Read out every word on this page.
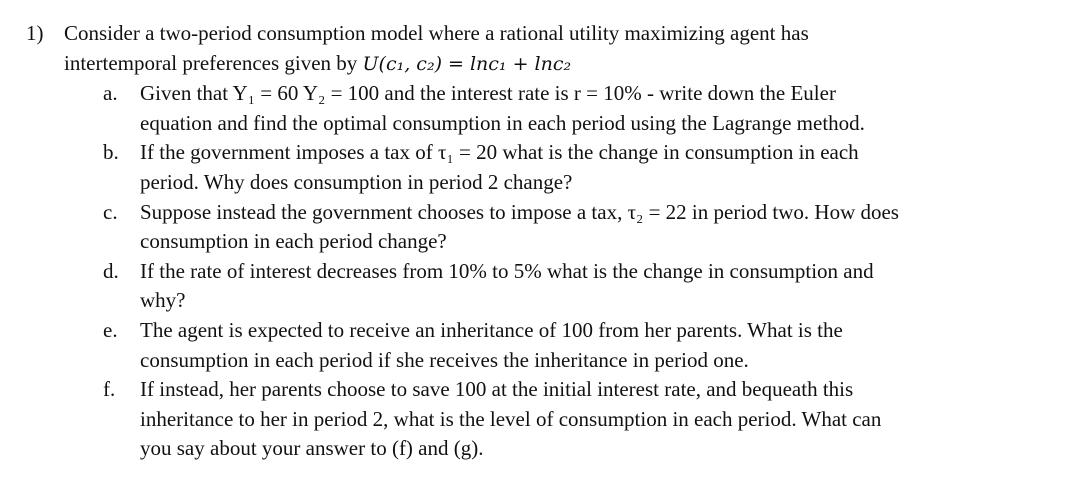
1) Consider a two-period consumption model where a rational utility maximizing agent has
intertemporal preferences given by U(c₁, c₂) = lnc₁ + lnc₂
a.	Given that Y₁ = 60 Y₂ = 100 and the interest rate is r = 10% - write down the Euler
equation and find the optimal consumption in each period using the Lagrange method.
b.	If the government imposes a tax of τ₁ = 20 what is the change in consumption in each
period. Why does consumption in period 2 change?
c.	Suppose instead the government chooses to impose a tax, τ₂ = 22 in period two. How does
consumption in each period change?
d.	If the rate of interest decreases from 10% to 5% what is the change in consumption and
why?
e.	The agent is expected to receive an inheritance of 100 from her parents. What is the
consumption in each period if she receives the inheritance in period one.
f.	If instead, her parents choose to save 100 at the initial interest rate, and bequeath this
inheritance to her in period 2, what is the level of consumption in each period. What can
you say about your answer to (f) and (g).
